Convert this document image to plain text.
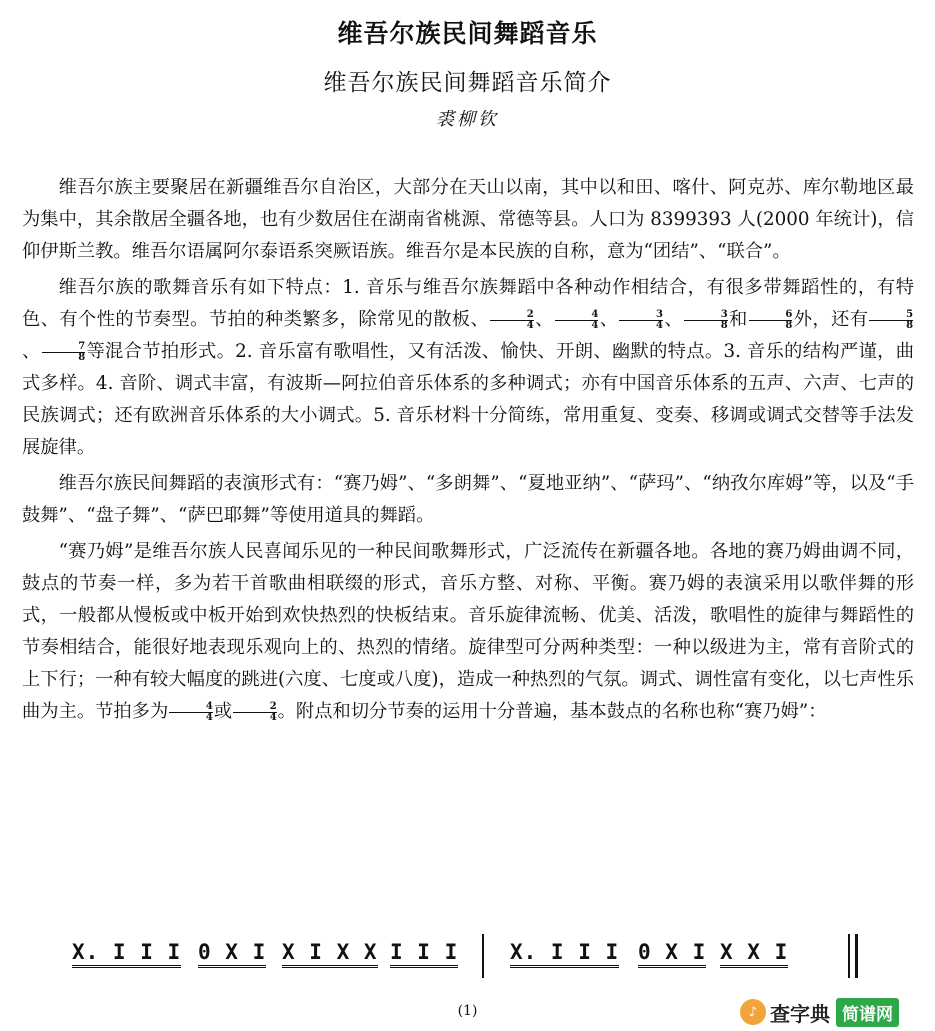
维吾尔族民间舞蹈音乐
维吾尔族民间舞蹈音乐简介
裘柳钦

维吾尔族主要聚居在新疆维吾尔自治区，大部分在天山以南，其中以和田、喀什、阿克苏、库尔勒地区最为集中，其余散居全疆各地，也有少数居住在湖南省桃源、常德等县。人口为 8399393 人(2000 年统计)，信仰伊斯兰教。维吾尔语属阿尔泰语系突厥语族。维吾尔是本民族的自称，意为“团结”、“联合”。

维吾尔族的歌舞音乐有如下特点：1. 音乐与维吾尔族舞蹈中各种动作相结合，有很多带舞蹈性的，有特色、有个性的节奏型。节拍的种类繁多，除常见的散板、 $\frac{2}{4}$ 、 $\frac{4}{4}$ 、 $\frac{3}{4}$ 、 $\frac{3}{8}$ 和 $\frac{6}{8}$ 外，还有 $\frac{5}{8}$
、 $\frac{7}{8}$ 等混合节拍形式。2. 音乐富有歌唱性，又有活泼、愉快、开朗、幽默的特点。3. 音乐的结构严谨，曲式多样。4. 音阶、调式丰富，有波斯—阿拉伯音乐体系的多种调式；亦有中国音乐体系的五声、六声、七声的民族调式；还有欧洲音乐体系的大小调式。5. 音乐材料十分简练，常用重复、变奏、移调或调式交替等手法发展旋律。

维吾尔族民间舞蹈的表演形式有：“赛乃姆”、“多朗舞”、“夏地亚纳”、“萨玛”、“纳孜尔库姆”等，以及“手鼓舞”、“盘子舞”、“萨巴耶舞”等使用道具的舞蹈。

“赛乃姆”是维吾尔族人民喜闻乐见的一种民间歌舞形式，广泛流传在新疆各地。各地的赛乃姆曲调不同，鼓点的节奏一样，多为若干首歌曲相联缀的形式，音乐方整、对称、平衡。赛乃姆的表演采用以歌伴舞的形式，一般都从慢板或中板开始到欢快热烈的快板结束。音乐旋律流畅、优美、活泼，歌唱性的旋律与舞蹈性的节奏相结合，能很好地表现乐观向上的、热烈的情绪。旋律型可分两种类型：一种以级进为主，常有音阶式的上下行；一种有较大幅度的跳进(六度、七度或八度)，造成一种热烈的气氛。调式、调性富有变化，以七声性乐曲为主。节拍多为 $\frac{4}{4}$ 或 $\frac{2}{4}$ 。附点和切分节奏的运用十分普遍，基本鼓点的名称也称“赛乃姆”：

X. I I I 0 X I X I X X I I I X. I I I 0 X I X X I
(1)	♪ 查字典 简谱网
